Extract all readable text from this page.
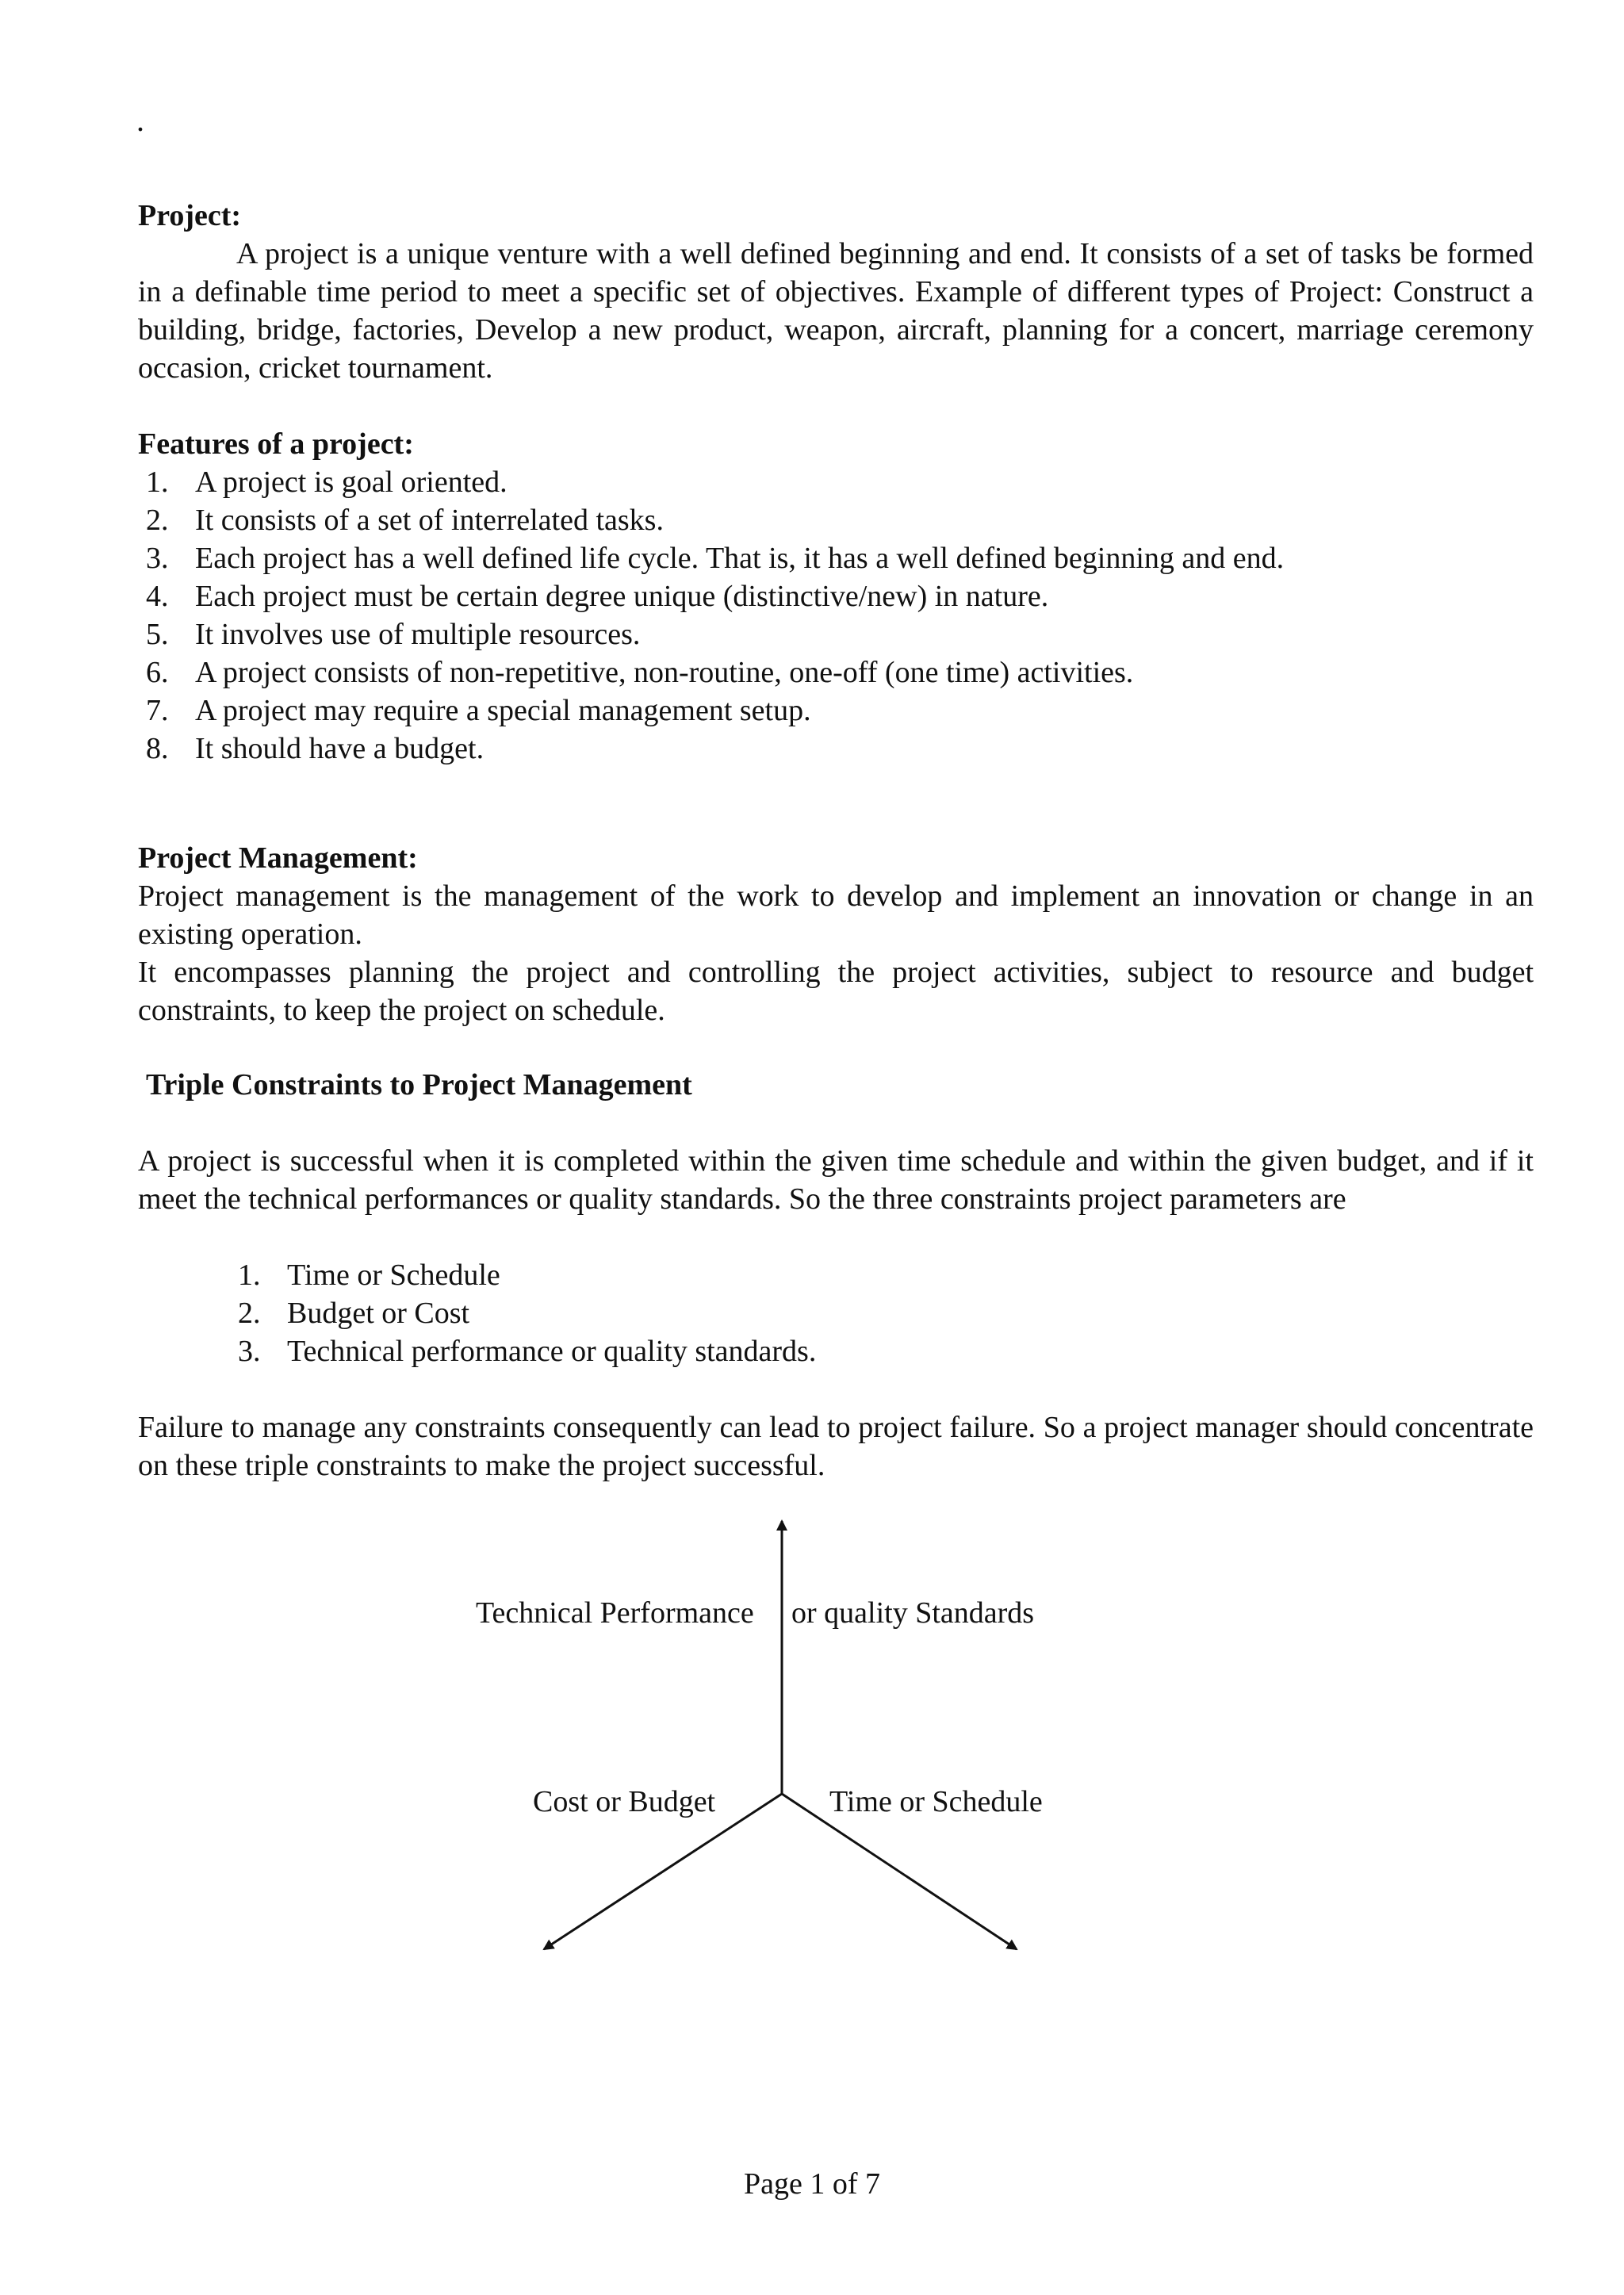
.
Project:
A project is a unique venture with a well defined beginning and end. It consists of a set of tasks be formed in a definable time period to meet a specific set of objectives. Example of different types of Project: Construct a building, bridge, factories, Develop a new product, weapon, aircraft, planning for a concert, marriage ceremony occasion, cricket tournament.
Features of a project:
1. A project is goal oriented.
2. It consists of a set of interrelated tasks.
3. Each project has a well defined life cycle. That is, it has a well defined beginning and end.
4. Each project must be certain degree unique (distinctive/new) in nature.
5. It involves use of multiple resources.
6. A project consists of non-repetitive, non-routine, one-off (one time) activities.
7. A project may require a special management setup.
8. It should have a budget.
Project Management:
Project management is the management of the work to develop and implement an innovation or change in an existing operation.
It encompasses planning the project and controlling the project activities, subject to resource and budget constraints, to keep the project on schedule.
Triple Constraints to Project Management
A project is successful when it is completed within the given time schedule and within the given budget, and if it meet the technical performances or quality standards. So the three constraints project parameters are
1. Time or Schedule
2. Budget or Cost
3. Technical performance or quality standards.
Failure to manage any constraints consequently can lead to project failure. So a project manager should concentrate on these triple constraints to make the project successful.
Technical Performance or quality Standards
Cost or Budget	Time or Schedule
Page 1 of 7
